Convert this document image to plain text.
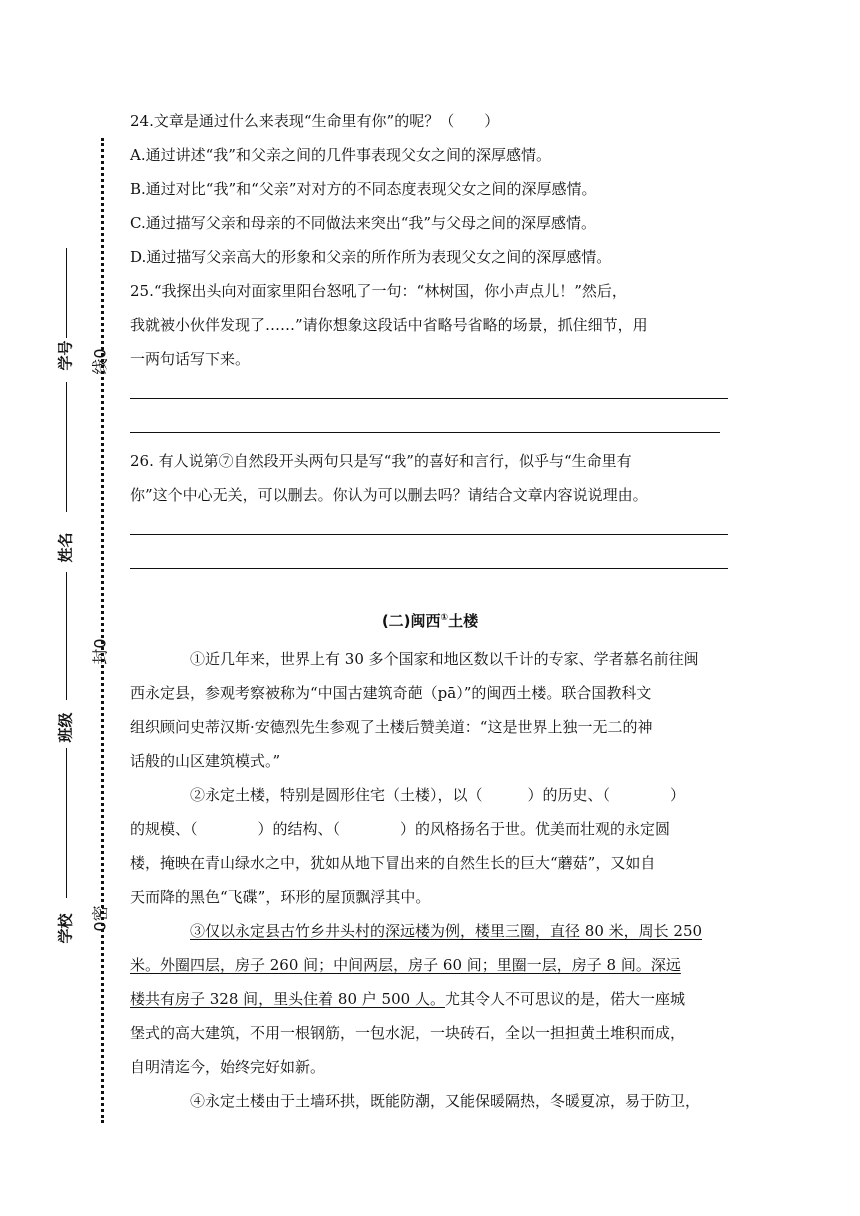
线0
封0
0密
学号
姓名
班级
学校
24.文章是通过什么来表现“生命里有你”的呢？（　　）
A.通过讲述“我”和父亲之间的几件事表现父女之间的深厚感情。
B.通过对比“我”和“父亲”对对方的不同态度表现父女之间的深厚感情。
C.通过描写父亲和母亲的不同做法来突出“我”与父母之间的深厚感情。
D.通过描写父亲高大的形象和父亲的所作所为表现父女之间的深厚感情。
25.“我探出头向对面家里阳台怒吼了一句：“林树国，你小声点儿！”然后，
我就被小伙伴发现了……”请你想象这段话中省略号省略的场景，抓住细节，用
一两句话写下来。
26. 有人说第⑦自然段开头两句只是写“我”的喜好和言行，似乎与“生命里有
你”这个中心无关，可以删去。你认为可以删去吗？请结合文章内容说说理由。
(二)闽西①土楼
①近几年来，世界上有 30 多个国家和地区数以千计的专家、学者慕名前往闽
西永定县，参观考察被称为“中国古建筑奇葩（pā）”的闽西土楼。联合国教科文
组织顾问史蒂汉斯·安德烈先生参观了土楼后赞美道：“这是世界上独一无二的神
话般的山区建筑模式。”
②永定土楼，特别是圆形住宅（土楼），以（　　　）的历史、（　　　　）
的规模、（　　　　）的结构、（　　　　）的风格扬名于世。优美而壮观的永定圆
楼，掩映在青山绿水之中，犹如从地下冒出来的自然生长的巨大“蘑菇”，又如自
天而降的黑色“飞碟”，环形的屋顶飘浮其中。
③仅以永定县古竹乡井头村的深远楼为例，楼里三圈，直径 80 米，周长 250
米。外圈四层，房子 260 间；中间两层，房子 60 间；里圈一层，房子 8 间。深远
楼共有房子 328 间，里头住着 80 户 500 人。尤其令人不可思议的是，偌大一座城
堡式的高大建筑，不用一根钢筋，一包水泥，一块砖石，全以一担担黄土堆积而成，
自明清迄今，始终完好如新。
④永定土楼由于土墙环拱，既能防潮，又能保暖隔热，冬暖夏凉，易于防卫，
